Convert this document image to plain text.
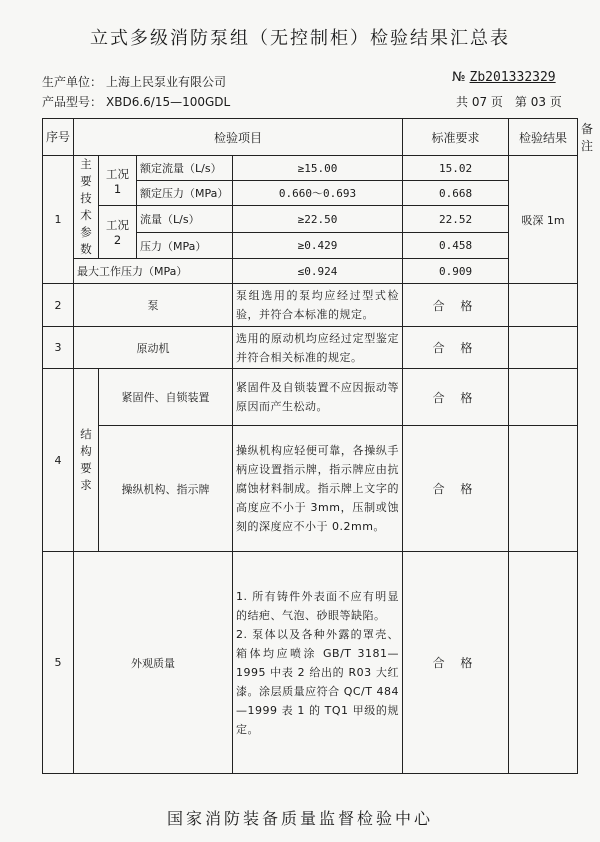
立式多级消防泵组（无控制柜）检验结果汇总表
生产单位： 上海上民泵业有限公司
产品型号： XBD6.6/15—100GDL
№ Zb201332329
共 07 页　第 03 页
序号	检验项目				标准要求	检验结果	备注
1	主要技术参数	工况 1	额定流量（L/s）	≥15.00	15.02	吸深 1m	
			额定压力（MPa）	0.660～0.693	0.668		
		工况 2	流量（L/s）	≥22.50	22.52		
			压力（MPa）	≥0.429	0.458		
	最大工作压力（MPa）			≤0.924	0.909		
2	泵			泵组选用的泵均应经过型式检验，并符合本标准的规定。	合 格		
3	原动机			选用的原动机均应经过定型鉴定并符合相关标准的规定。	合 格		
4	结构要求	紧固件、自锁装置		紧固件及自锁装置不应因振动等原因而产生松动。	合 格		
		操纵机构、指示牌		操纵机构应轻便可靠，各操纵手柄应设置指示牌，指示牌应由抗腐蚀材料制成。指示牌上文字的高度应不小于 3mm，压制或蚀刻的深度应不小于 0.2mm。	合 格		
5	外观质量			1. 所有铸件外表面不应有明显的结疤、气泡、砂眼等缺陷。
2. 泵体以及各种外露的罩壳、箱体均应喷涂 GB/T 3181—1995 中表 2 给出的 R03 大红漆。涂层质量应符合 QC/T 484—1999 表 1 的 TQ1 甲级的规定。	合 格		
国家消防装备质量监督检验中心
